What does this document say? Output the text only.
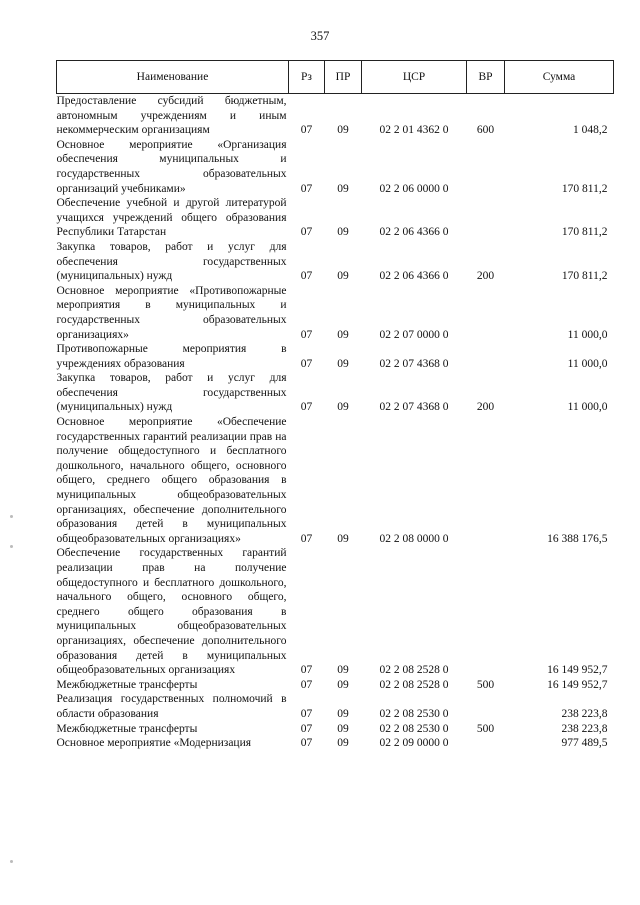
357
Наименование	Рз	ПР	ЦСР	ВР	Сумма
Предоставление субсидий бюджетным, автономным учреждениям и иным некоммерческим организациям	07	09	02 2 01 4362 0	600	1 048,2
Основное мероприятие «Организация обеспечения муниципальных и государственных образовательных организаций учебниками»	07	09	02 2 06 0000 0		170 811,2
Обеспечение учебной и другой литературой учащихся учреждений общего образования Республики Татарстан	07	09	02 2 06 4366 0		170 811,2
Закупка товаров, работ и услуг для обеспечения государственных (муниципальных) нужд	07	09	02 2 06 4366 0	200	170 811,2
Основное мероприятие «Противопожарные мероприятия в муниципальных и государственных образовательных организациях»	07	09	02 2 07 0000 0		11 000,0
Противопожарные мероприятия в учреждениях образования	07	09	02 2 07 4368 0		11 000,0
Закупка товаров, работ и услуг для обеспечения государственных (муниципальных) нужд	07	09	02 2 07 4368 0	200	11 000,0
Основное мероприятие «Обеспечение государственных гарантий реализации прав на получение общедоступного и бесплатного дошкольного, начального общего, основного общего, среднего общего образования в муниципальных общеобразовательных организациях, обеспечение дополнительного образования детей в муниципальных общеобразовательных организациях»	07	09	02 2 08 0000 0		16 388 176,5
Обеспечение государственных гарантий реализации прав на получение общедоступного и бесплатного дошкольного, начального общего, основного общего, среднего общего образования в муниципальных общеобразовательных организациях, обеспечение дополнительного образования детей в муниципальных общеобразовательных организациях	07	09	02 2 08 2528 0		16 149 952,7
Межбюджетные трансферты	07	09	02 2 08 2528 0	500	16 149 952,7
Реализация государственных полномочий в области образования	07	09	02 2 08 2530 0		238 223,8
Межбюджетные трансферты	07	09	02 2 08 2530 0	500	238 223,8
Основное мероприятие «Модернизация	07	09	02 2 09 0000 0		977 489,5
